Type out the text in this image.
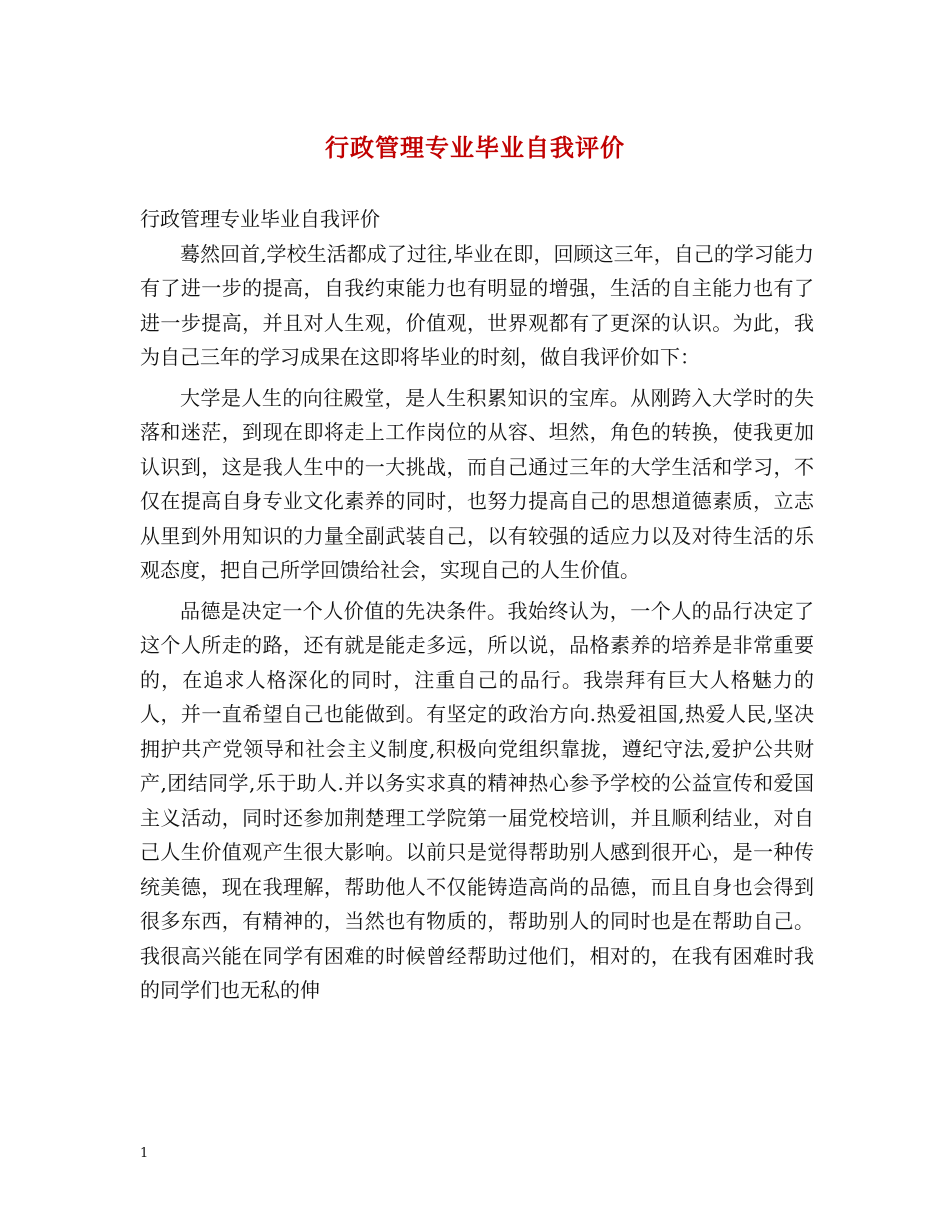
行政管理专业毕业自我评价

行政管理专业毕业自我评价

蓦然回首,学校生活都成了过往,毕业在即，回顾这三年，自己的学习能力有了进一步的提高，自我约束能力也有明显的增强，生活的自主能力也有了进一步提高，并且对人生观，价值观，世界观都有了更深的认识。为此，我为自己三年的学习成果在这即将毕业的时刻，做自我评价如下：

大学是人生的向往殿堂，是人生积累知识的宝库。从刚跨入大学时的失落和迷茫，到现在即将走上工作岗位的从容、坦然，角色的转换，使我更加认识到，这是我人生中的一大挑战，而自己通过三年的大学生活和学习，不仅在提高自身专业文化素养的同时，也努力提高自己的思想道德素质，立志从里到外用知识的力量全副武装自己，以有较强的适应力以及对待生活的乐观态度，把自己所学回馈给社会，实现自己的人生价值。

品德是决定一个人价值的先决条件。我始终认为，一个人的品行决定了这个人所走的路，还有就是能走多远，所以说，品格素养的培养是非常重要的，在追求人格深化的同时，注重自己的品行。我崇拜有巨大人格魅力的人，并一直希望自己也能做到。有坚定的政治方向.热爱祖国,热爱人民,坚决拥护共产党领导和社会主义制度,积极向党组织靠拢，遵纪守法,爱护公共财产,团结同学,乐于助人.并以务实求真的精神热心参予学校的公益宣传和爱国主义活动，同时还参加荆楚理工学院第一届党校培训，并且顺利结业，对自己人生价值观产生很大影响。以前只是觉得帮助别人感到很开心，是一种传统美德，现在我理解，帮助他人不仅能铸造高尚的品德，而且自身也会得到很多东西，有精神的，当然也有物质的，帮助别人的同时也是在帮助自己。我很高兴能在同学有困难的时候曾经帮助过他们，相对的，在我有困难时我的同学们也无私的伸

1
